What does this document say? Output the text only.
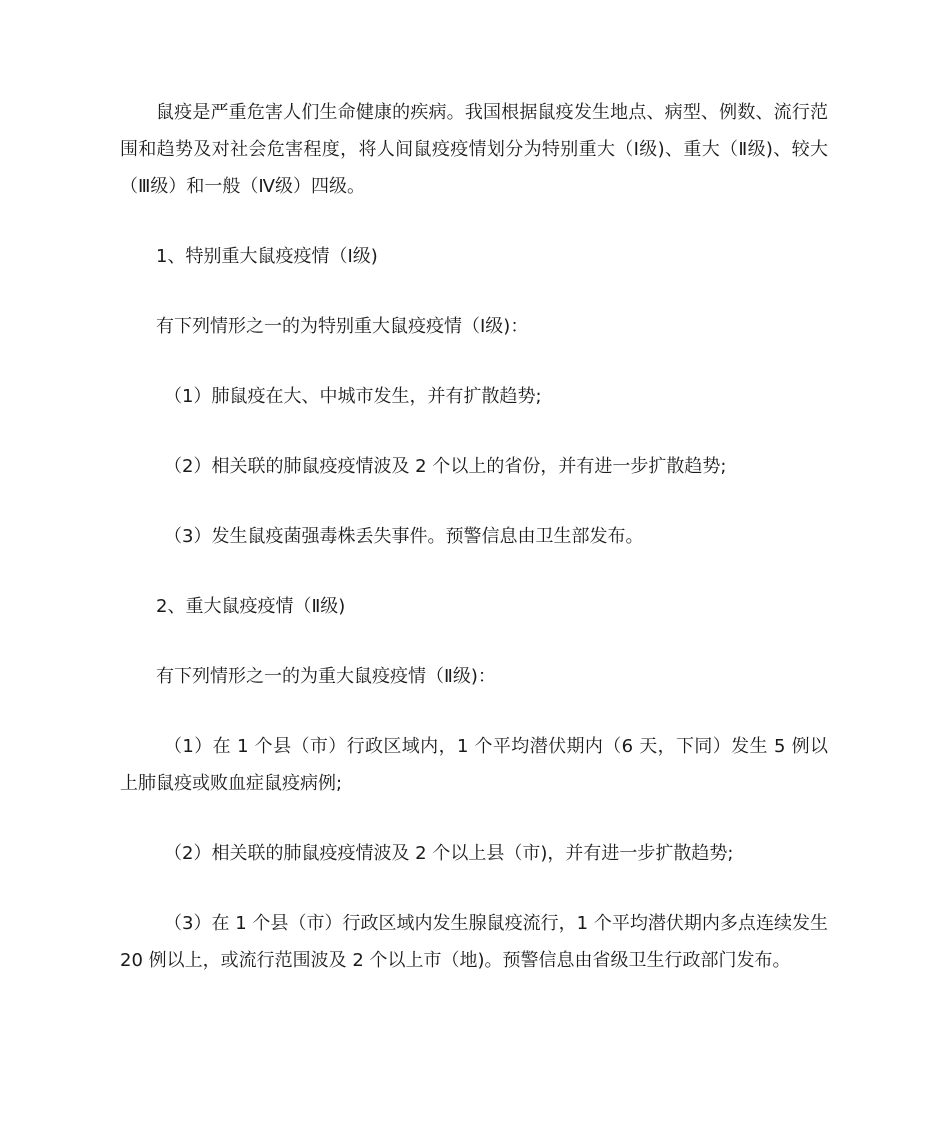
鼠疫是严重危害人们生命健康的疾病。我国根据鼠疫发生地点、病型、例数、流行范围和趋势及对社会危害程度，将人间鼠疫疫情划分为特别重大（Ⅰ级)、重大（Ⅱ级)、较大（Ⅲ级）和一般（Ⅳ级）四级。

1、特别重大鼠疫疫情（Ⅰ级)

有下列情形之一的为特别重大鼠疫疫情（Ⅰ级)：

（1）肺鼠疫在大、中城市发生，并有扩散趋势;

（2）相关联的肺鼠疫疫情波及 2 个以上的省份，并有进一步扩散趋势;

（3）发生鼠疫菌强毒株丢失事件。预警信息由卫生部发布。

2、重大鼠疫疫情（Ⅱ级)

有下列情形之一的为重大鼠疫疫情（Ⅱ级)：

（1）在 1 个县（市）行政区域内，1 个平均潜伏期内（6 天，下同）发生 5 例以上肺鼠疫或败血症鼠疫病例;

（2）相关联的肺鼠疫疫情波及 2 个以上县（市)，并有进一步扩散趋势;

（3）在 1 个县（市）行政区域内发生腺鼠疫流行，1 个平均潜伏期内多点连续发生 20 例以上，或流行范围波及 2 个以上市（地)。预警信息由省级卫生行政部门发布。
